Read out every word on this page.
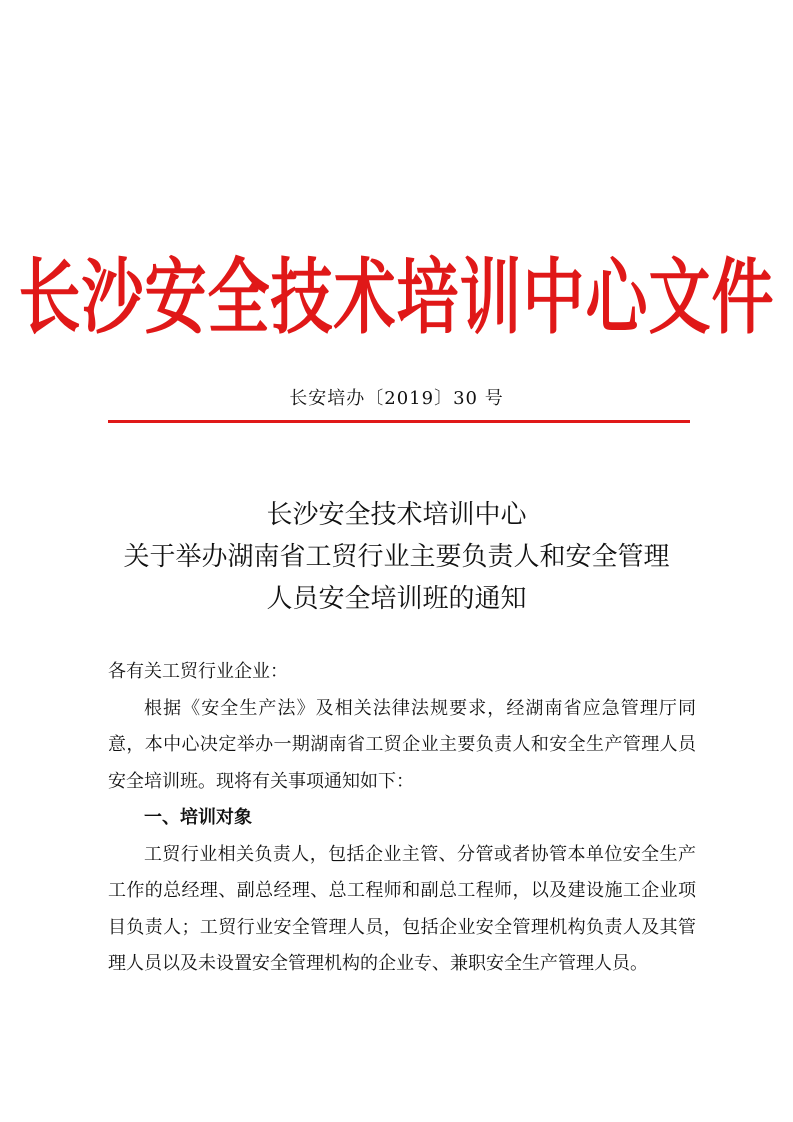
长沙安全技术培训中心文件
长安培办〔2019〕30 号
长沙安全技术培训中心
关于举办湖南省工贸行业主要负责人和安全管理
人员安全培训班的通知

各有关工贸行业企业：

根据《安全生产法》及相关法律法规要求，经湖南省应急管理厅同意，本中心决定举办一期湖南省工贸企业主要负责人和安全生产管理人员安全培训班。现将有关事项通知如下：

一、培训对象

工贸行业相关负责人，包括企业主管、分管或者协管本单位安全生产工作的总经理、副总经理、总工程师和副总工程师，以及建设施工企业项目负责人；工贸行业安全管理人员，包括企业安全管理机构负责人及其管理人员以及未设置安全管理机构的企业专、兼职安全生产管理人员。
